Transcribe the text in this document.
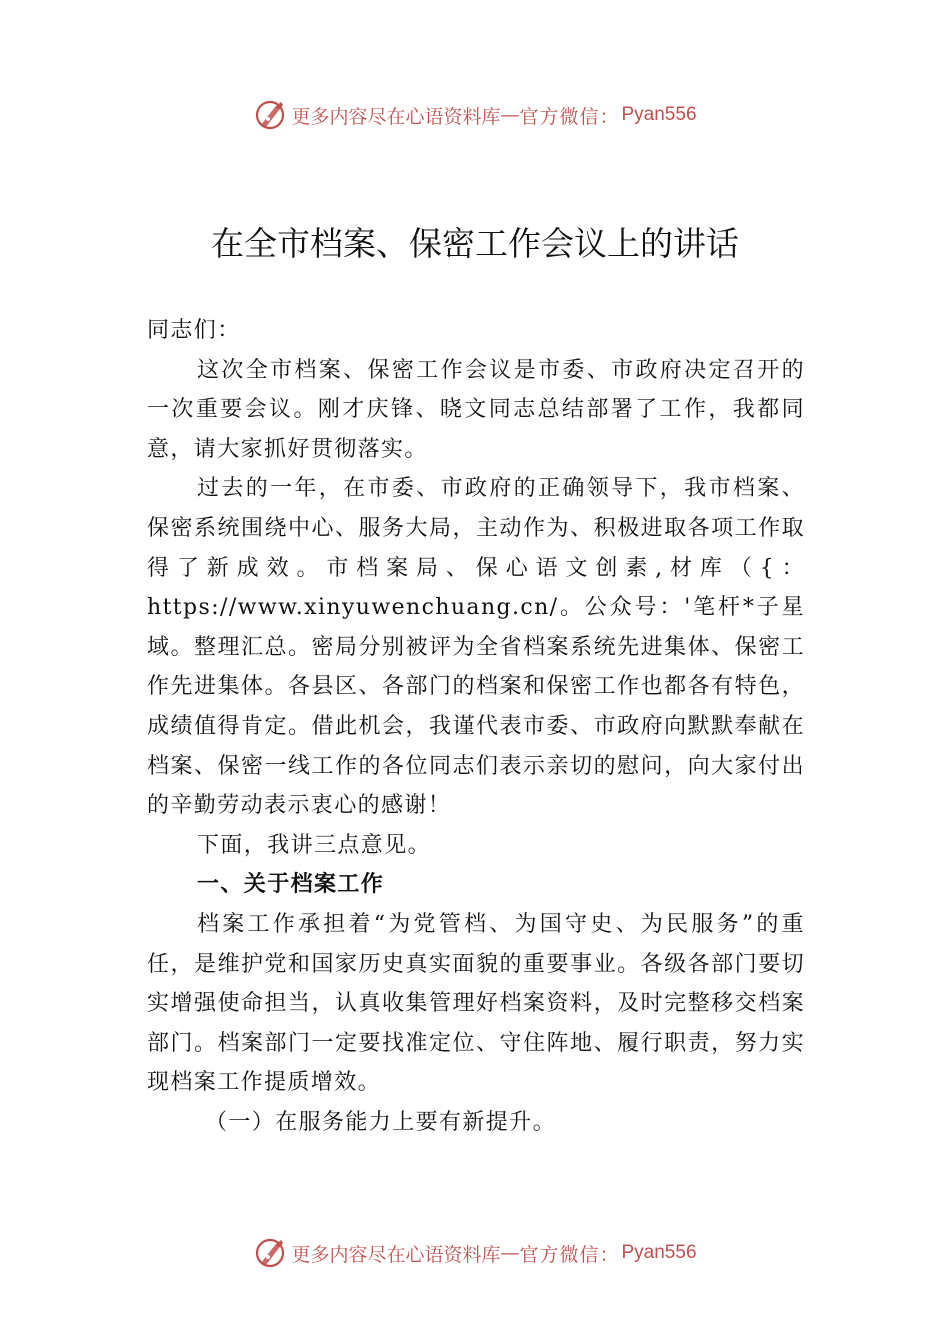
更多内容尽在心语资料库 — 官方微信： Pyan556
在全市档案、保密工作会议上的讲话

同志们：

这次全市档案、保密工作会议是市委、市政府决定召开的一次重要会议。刚才庆锋、晓文同志总结部署了工作，我都同意，请大家抓好贯彻落实。

过去的一年，在市委、市政府的正确领导下，我市档案、保密系统围绕中心、服务大局，主动作为、积极进取各项工作取得了新成效。市档案局、保心语文创素,材库（{：https://www.xinyuwenchuang.cn/。公众号：'笔杆*子星域。整理汇总。密局分别被评为全省档案系统先进集体、保密工作先进集体。各县区、各部门的档案和保密工作也都各有特色，成绩值得肯定。借此机会，我谨代表市委、市政府向默默奉献在档案、保密一线工作的各位同志们表示亲切的慰问，向大家付出的辛勤劳动表示衷心的感谢！

下面，我讲三点意见。

一、关于档案工作

档案工作承担着“为党管档、为国守史、为民服务”的重任，是维护党和国家历史真实面貌的重要事业。各级各部门要切实增强使命担当，认真收集管理好档案资料，及时完整移交档案部门。档案部门一定要找准定位、守住阵地、履行职责，努力实现档案工作提质增效。

（一）在服务能力上要有新提升。

更多内容尽在心语资料库 — 官方微信： Pyan556
